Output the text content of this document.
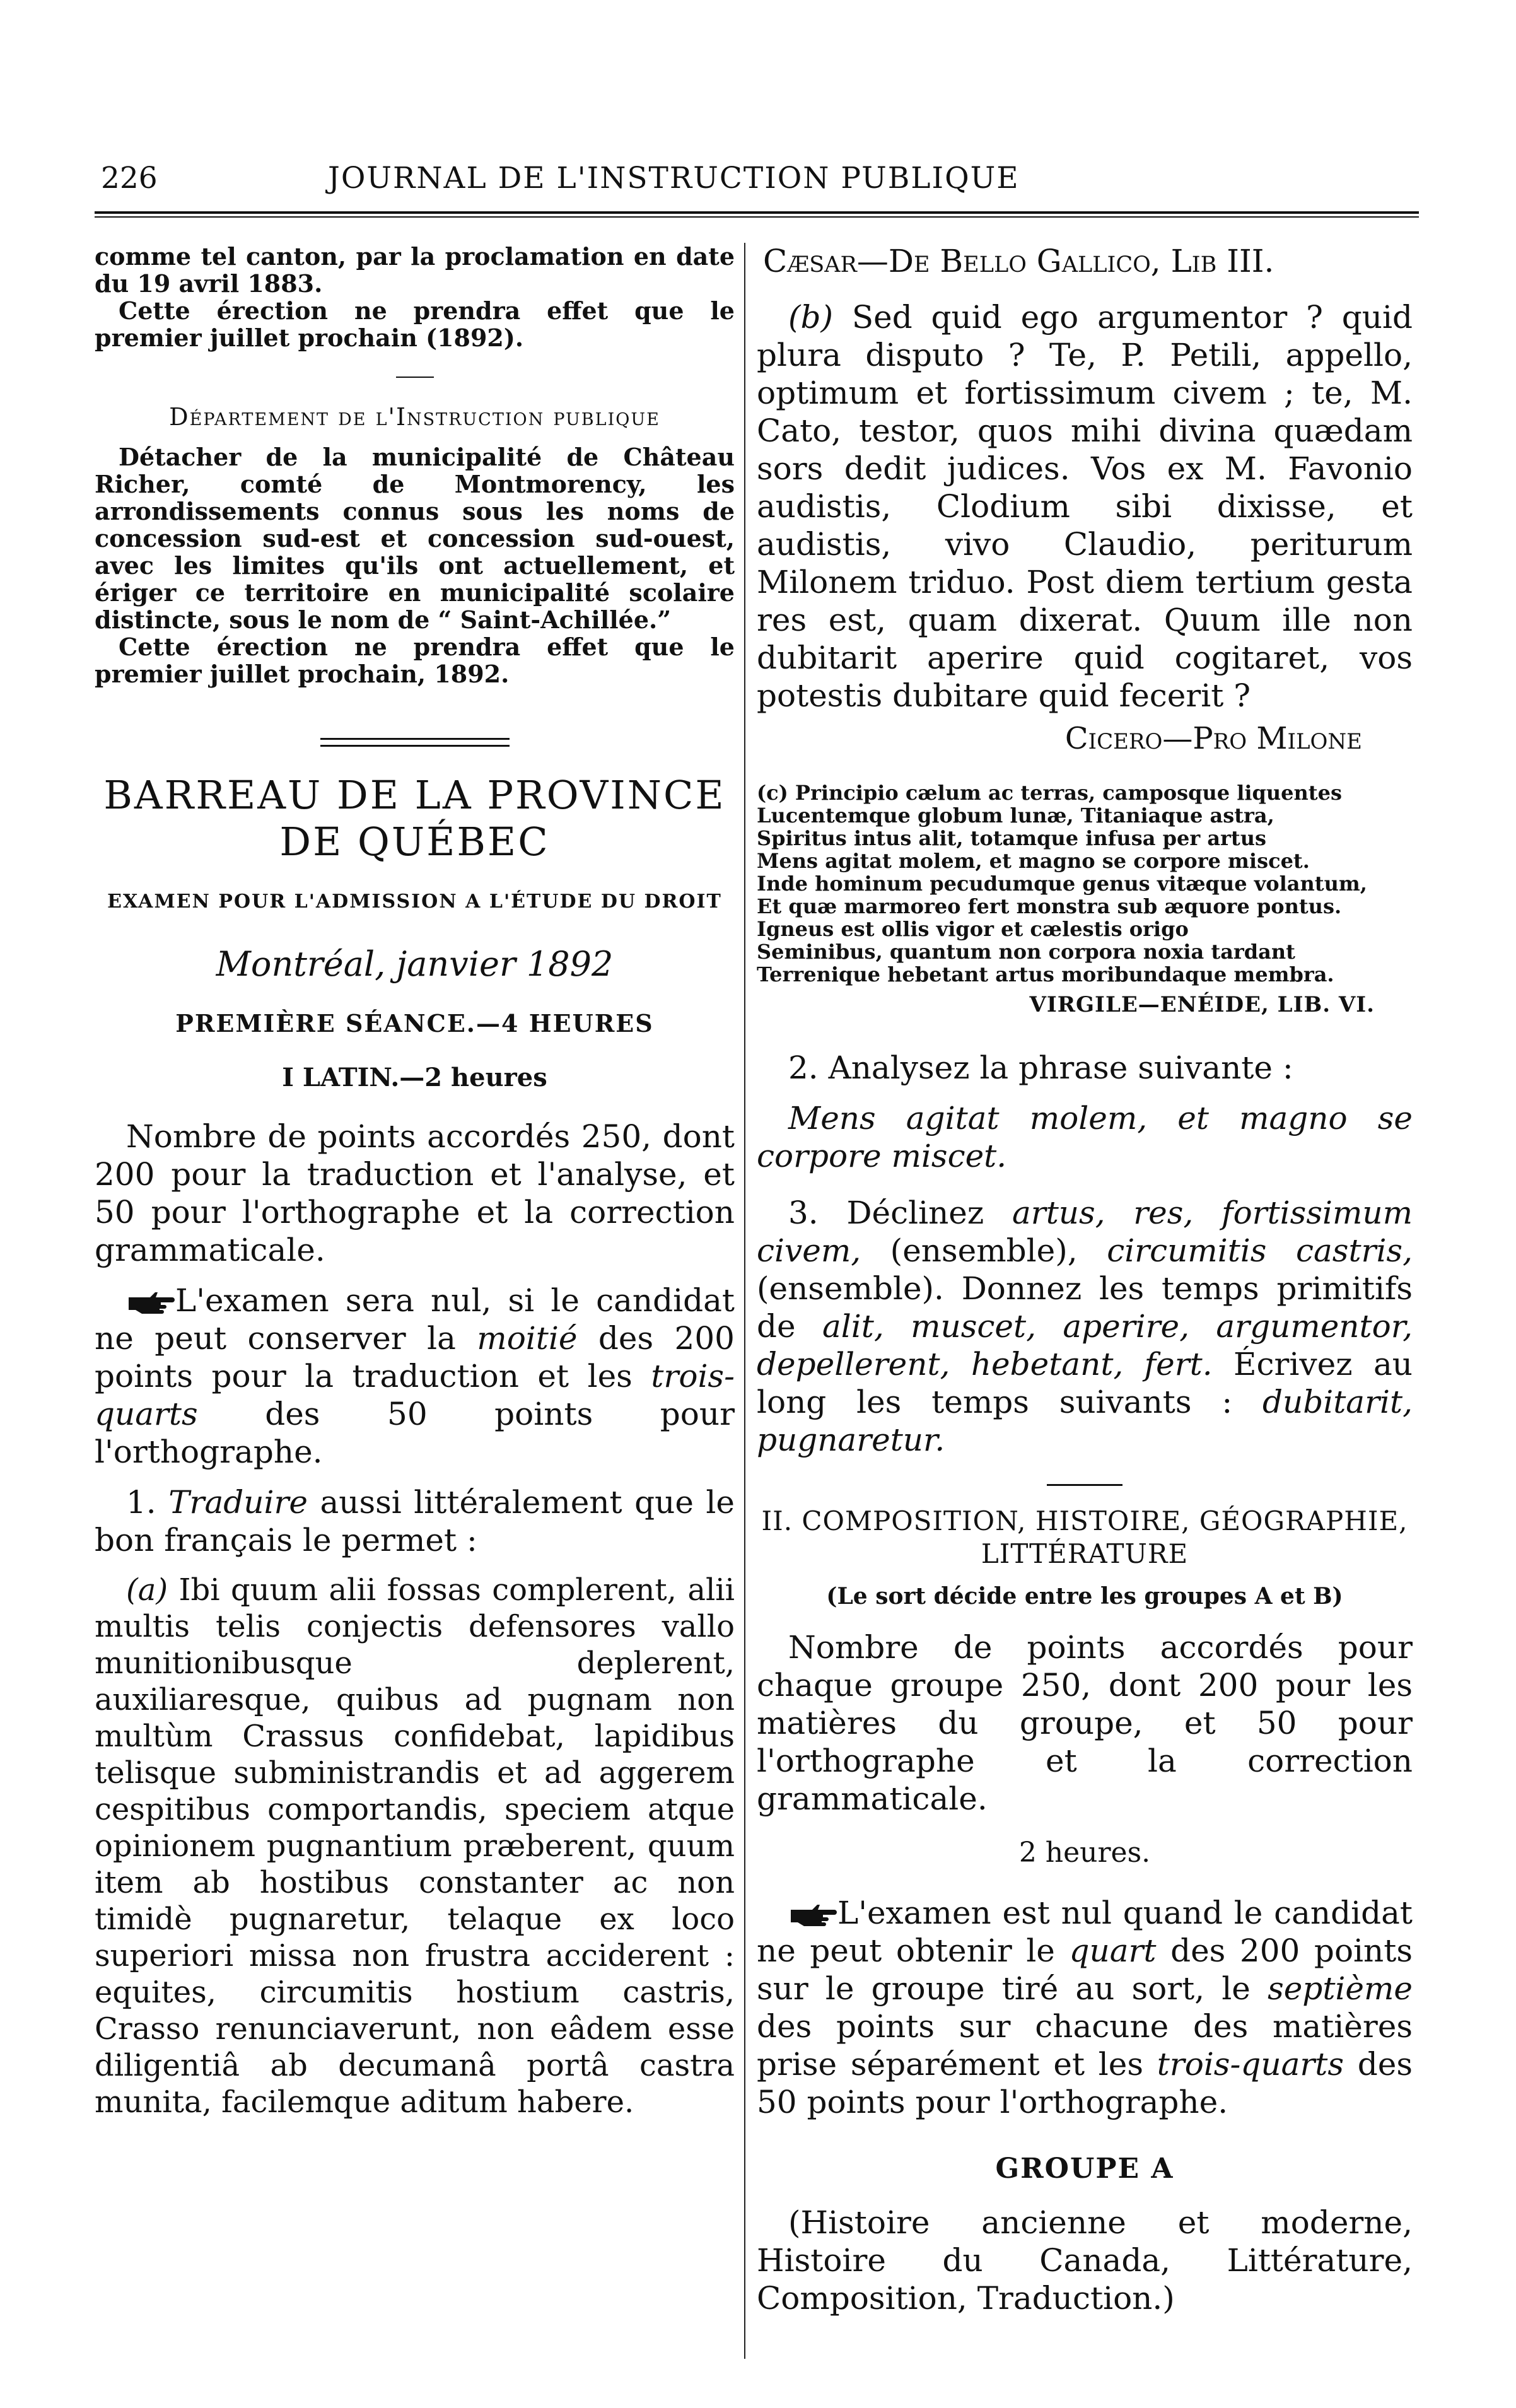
226	JOURNAL DE L'INSTRUCTION PUBLIQUE
comme tel canton, par la proclamation en date du 19 avril 1883.
Cette érection ne prendra effet que le premier juillet prochain (1892).
Département de l'Instruction publique
Détacher de la municipalité de Château Richer, comté de Montmorency, les arrondissements connus sous les noms de concession sud-est et concession sud-ouest, avec les limites qu'ils ont actuellement, et ériger ce territoire en municipalité scolaire distincte, sous le nom de “ Saint-Achillée.”
Cette érection ne prendra effet que le premier juillet prochain, 1892.
BARREAU DE LA PROVINCE DE QUÉBEC
EXAMEN POUR L'ADMISSION A L'ÉTUDE DU DROIT
Montréal, janvier 1892
PREMIÈRE SÉANCE.—4 HEURES
I LATIN.—2 heures
Nombre de points accordés 250, dont 200 pour la traduction et l'analyse, et 50 pour l'orthographe et la correction grammaticale.
L'examen sera nul, si le candidat ne peut conserver la moitié des 200 points pour la traduction et les trois-quarts des 50 points pour l'orthographe.
1. Traduire aussi littéralement que le bon français le permet :
(a) Ibi quum alii fossas complerent, alii multis telis conjectis defensores vallo munitionibusque deplerent, auxiliaresque, quibus ad pugnam non multùm Crassus confidebat, lapidibus telisque subministrandis et ad aggerem cespitibus comportandis, speciem atque opinionem pugnantium præberent, quum item ab hostibus constanter ac non timidè pugnaretur, telaque ex loco superiori missa non frustra acciderent : equites, circumitis hostium castris, Crasso renunciaverunt, non eâdem esse diligentiâ ab decumanâ portâ castra munita, facilemque aditum habere.
Cæsar—De Bello Gallico, Lib III.
(b) Sed quid ego argumentor ? quid plura disputo ? Te, P. Petili, appello, optimum et fortissimum civem ; te, M. Cato, testor, quos mihi divina quædam sors dedit judices. Vos ex M. Favonio audistis, Clodium sibi dixisse, et audistis, vivo Claudio, periturum Milonem triduo. Post diem tertium gesta res est, quam dixerat. Quum ille non dubitarit aperire quid cogitaret, vos potestis dubitare quid fecerit ?
Cicero—Pro Milone
(c) Principio cælum ac terras, camposque liquentes
Lucentemque globum lunæ, Titaniaque astra,
Spiritus intus alit, totamque infusa per artus
Mens agitat molem, et magno se corpore miscet.
Inde hominum pecudumque genus vitæque volantum,
Et quæ marmoreo fert monstra sub æquore pontus.
Igneus est ollis vigor et cælestis origo
Seminibus, quantum non corpora noxia tardant
Terrenique hebetant artus moribundaque membra.
VIRGILE—ENÉIDE, LIB. VI.
2. Analysez la phrase suivante :
Mens agitat molem, et magno se corpore miscet.
3. Déclinez artus, res, fortissimum civem, (ensemble), circumitis castris, (ensemble). Donnez les temps primitifs de alit, muscet, aperire, argumentor, depellerent, hebetant, fert. Écrivez au long les temps suivants : dubitarit, pugnaretur.
II. COMPOSITION, HISTOIRE, GÉOGRAPHIE, LITTÉRATURE
(Le sort décide entre les groupes A et B)
Nombre de points accordés pour chaque groupe 250, dont 200 pour les matières du groupe, et 50 pour l'orthographe et la correction grammaticale.
2 heures.
L'examen est nul quand le candidat ne peut obtenir le quart des 200 points sur le groupe tiré au sort, le septième des points sur chacune des matières prise séparément et les trois-quarts des 50 points pour l'orthographe.
GROUPE A
(Histoire ancienne et moderne, Histoire du Canada, Littérature, Composition, Traduction.)
